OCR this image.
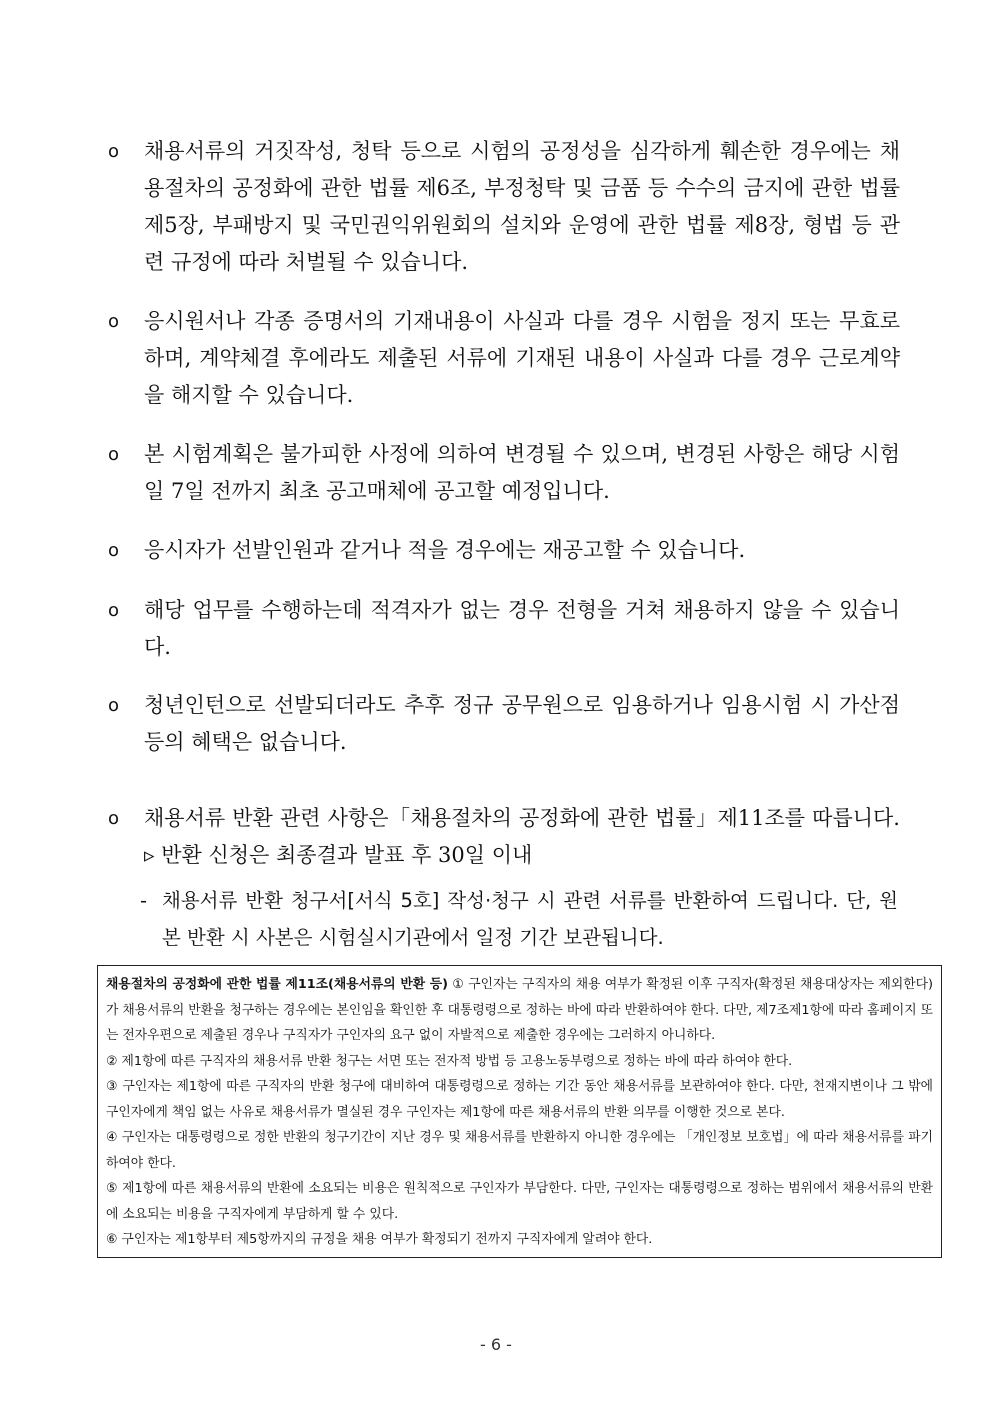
o	채용서류의 거짓작성, 청탁 등으로 시험의 공정성을 심각하게 훼손한 경우에는 채용절차의 공정화에 관한 법률 제6조, 부정청탁 및 금품 등 수수의 금지에 관한 법률 제5장, 부패방지 및 국민권익위원회의 설치와 운영에 관한 법률 제8장, 형법 등 관련 규정에 따라 처벌될 수 있습니다.
o	응시원서나 각종 증명서의 기재내용이 사실과 다를 경우 시험을 정지 또는 무효로 하며, 계약체결 후에라도 제출된 서류에 기재된 내용이 사실과 다를 경우 근로계약을 해지할 수 있습니다.
o	본 시험계획은 불가피한 사정에 의하여 변경될 수 있으며, 변경된 사항은 해당 시험일 7일 전까지 최초 공고매체에 공고할 예정입니다.
o	응시자가 선발인원과 같거나 적을 경우에는 재공고할 수 있습니다.
o	해당 업무를 수행하는데 적격자가 없는 경우 전형을 거쳐 채용하지 않을 수 있습니다.
o	청년인턴으로 선발되더라도 추후 정규 공무원으로 임용하거나 임용시험 시 가산점 등의 혜택은 없습니다.
o	채용서류 반환 관련 사항은「채용절차의 공정화에 관한 법률」제11조를 따릅니다. ▹ 반환 신청은 최종결과 발표 후 30일 이내
- 채용서류 반환 청구서[서식 5호] 작성·청구 시 관련 서류를 반환하여 드립니다. 단, 원본 반환 시 사본은 시험실시기관에서 일정 기간 보관됩니다.

채용절차의 공정화에 관한 법률 제11조(채용서류의 반환 등) ① 구인자는 구직자의 채용 여부가 확정된 이후 구직자(확정된 채용대상자는 제외한다)가 채용서류의 반환을 청구하는 경우에는 본인임을 확인한 후 대통령령으로 정하는 바에 따라 반환하여야 한다. 다만, 제7조제1항에 따라 홈페이지 또는 전자우편으로 제출된 경우나 구직자가 구인자의 요구 없이 자발적으로 제출한 경우에는 그러하지 아니하다.

② 제1항에 따른 구직자의 채용서류 반환 청구는 서면 또는 전자적 방법 등 고용노동부령으로 정하는 바에 따라 하여야 한다.

③ 구인자는 제1항에 따른 구직자의 반환 청구에 대비하여 대통령령으로 정하는 기간 동안 채용서류를 보관하여야 한다. 다만, 천재지변이나 그 밖에 구인자에게 책임 없는 사유로 채용서류가 멸실된 경우 구인자는 제1항에 따른 채용서류의 반환 의무를 이행한 것으로 본다.

④ 구인자는 대통령령으로 정한 반환의 청구기간이 지난 경우 및 채용서류를 반환하지 아니한 경우에는 「개인정보 보호법」에 따라 채용서류를 파기하여야 한다.

⑤ 제1항에 따른 채용서류의 반환에 소요되는 비용은 원칙적으로 구인자가 부담한다. 다만, 구인자는 대통령령으로 정하는 범위에서 채용서류의 반환에 소요되는 비용을 구직자에게 부담하게 할 수 있다.

⑥ 구인자는 제1항부터 제5항까지의 규정을 채용 여부가 확정되기 전까지 구직자에게 알려야 한다.

- 6 -
